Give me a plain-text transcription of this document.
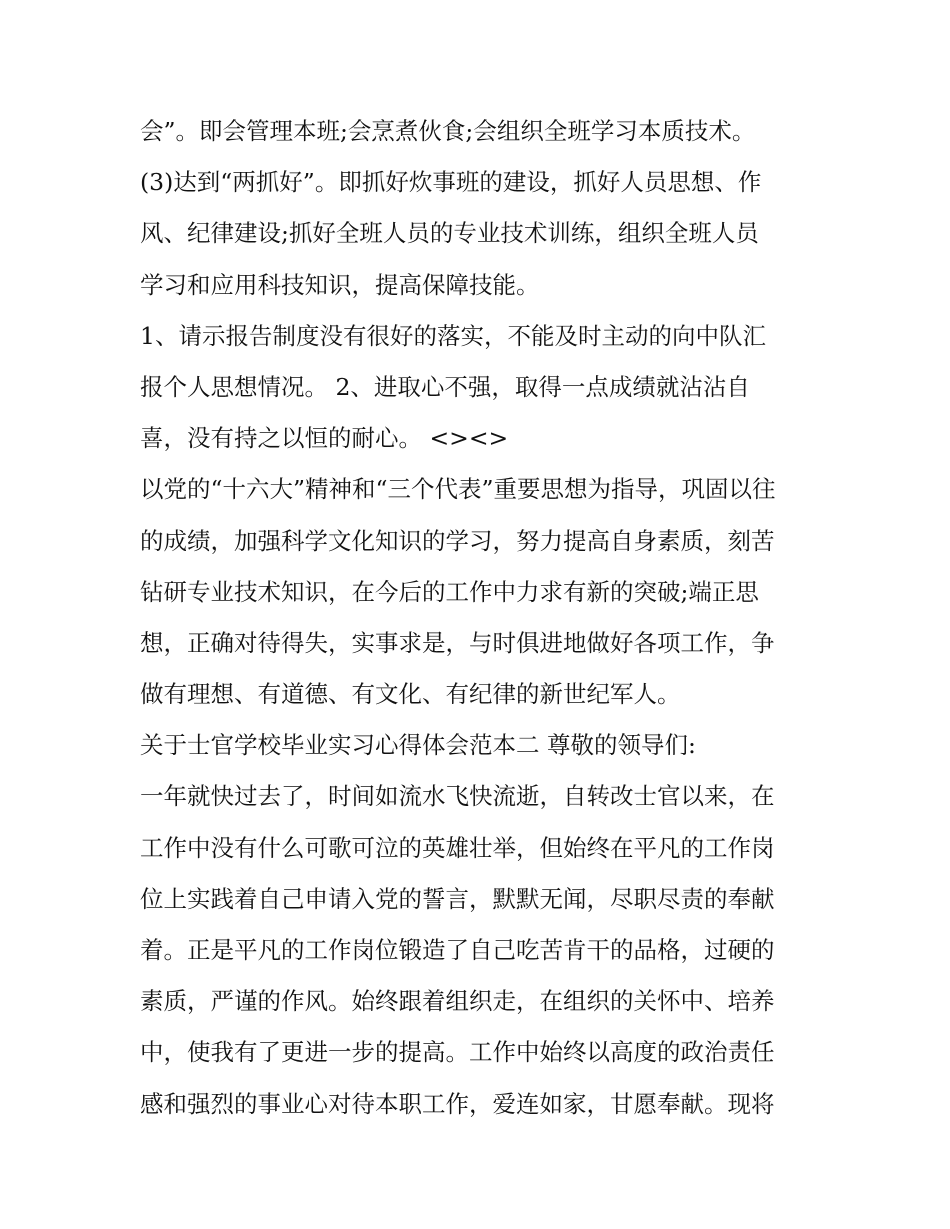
会”。即会管理本班;会烹煮伙食;会组织全班学习本质技术。
(3)达到“两抓好”。即抓好炊事班的建设，抓好人员思想、作
风、纪律建设;抓好全班人员的专业技术训练，组织全班人员
学习和应用科技知识，提高保障技能。
1、请示报告制度没有很好的落实，不能及时主动的向中队汇
报个人思想情况。 2、进取心不强，取得一点成绩就沾沾自
喜，没有持之以恒的耐心。 <><>
以党的“十六大”精神和“三个代表”重要思想为指导，巩固以往
的成绩，加强科学文化知识的学习，努力提高自身素质，刻苦
钻研专业技术知识，在今后的工作中力求有新的突破;端正思
想，正确对待得失，实事求是，与时俱进地做好各项工作，争
做有理想、有道德、有文化、有纪律的新世纪军人。
关于士官学校毕业实习心得体会范本二 尊敬的领导们:
一年就快过去了，时间如流水飞快流逝，自转改士官以来，在
工作中没有什么可歌可泣的英雄壮举，但始终在平凡的工作岗
位上实践着自己申请入党的誓言，默默无闻，尽职尽责的奉献
着。正是平凡的工作岗位锻造了自己吃苦肯干的品格，过硬的
素质，严谨的作风。始终跟着组织走，在组织的关怀中、培养
中，使我有了更进一步的提高。工作中始终以高度的政治责任
感和强烈的事业心对待本职工作，爱连如家，甘愿奉献。现将
